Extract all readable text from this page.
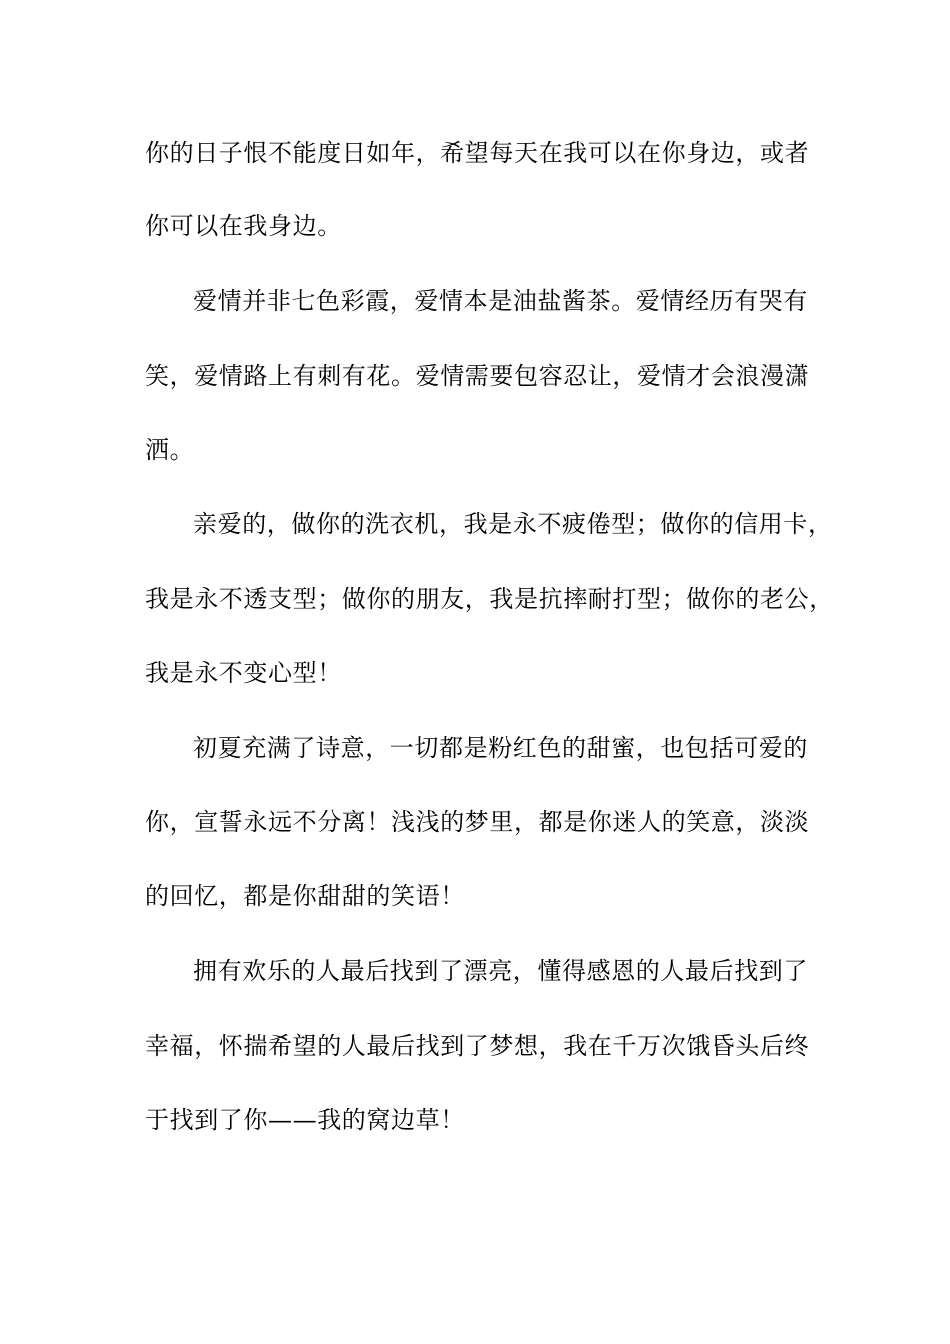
你的日子恨不能度日如年，希望每天在我可以在你身边，或者
你可以在我身边。
爱情并非七色彩霞，爱情本是油盐酱茶。爱情经历有哭有
笑，爱情路上有刺有花。爱情需要包容忍让，爱情才会浪漫潇
洒。
亲爱的，做你的洗衣机，我是永不疲倦型；做你的信用卡，
我是永不透支型；做你的朋友，我是抗摔耐打型；做你的老公，
我是永不变心型！
初夏充满了诗意，一切都是粉红色的甜蜜，也包括可爱的
你，宣誓永远不分离！浅浅的梦里，都是你迷人的笑意，淡淡
的回忆，都是你甜甜的笑语！
拥有欢乐的人最后找到了漂亮，懂得感恩的人最后找到了
幸福，怀揣希望的人最后找到了梦想，我在千万次饿昏头后终
于找到了你——我的窝边草！
